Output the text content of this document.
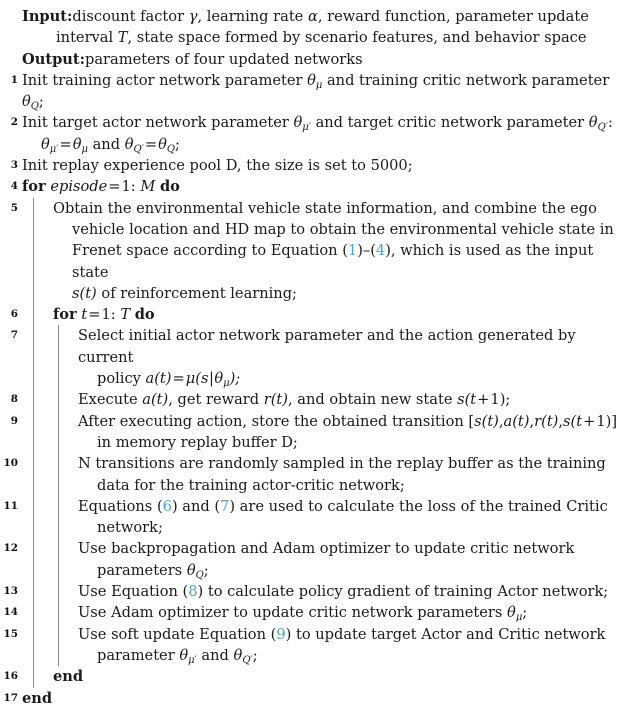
Input:discount factor γ, learning rate α, reward function, parameter update
interval T, state space formed by scenario features, and behavior space
Output:parameters of four updated networks
1 Init training actor network parameter $\theta_\mu$ and training critic network parameter $\theta_Q$;
2 Init target actor network parameter $\theta_{\mu'}$ and target critic network parameter $\theta_{Q'}$:
$\theta_{\mu'}=\theta_\mu$ and $\theta_{Q'}=\theta_Q$;
3 Init replay experience pool D, the size is set to 5000;
4 for episode=1: M do
5 Obtain the environmental vehicle state information, and combine the ego
vehicle location and HD map to obtain the environmental vehicle state in
Frenet space according to Equation (1)–(4), which is used as the input state
s(t) of reinforcement learning;
6	for t=1: T do
7	Select initial actor network parameter and the action generated by current
policy $a(t)=\mu(s|\theta_\mu)$;
8	Execute a(t), get reward r(t), and obtain new state s(t+1);
9	After executing action, store the obtained transition [s(t),a(t),r(t),s(t+1)]
in memory replay buffer D;
10	N transitions are randomly sampled in the replay buffer as the training
data for the training actor-critic network;
11	Equations (6) and (7) are used to calculate the loss of the trained Critic
network;
12	Use backpropagation and Adam optimizer to update critic network
parameters $\theta_Q$;
13	Use Equation (8) to calculate policy gradient of training Actor network;
14	Use Adam optimizer to update critic network parameters $\theta_\mu$;
15	Use soft update Equation (9) to update target Actor and Critic network
parameter $\theta_{\mu'}$ and $\theta_{Q'}$;
16	end
17 end
